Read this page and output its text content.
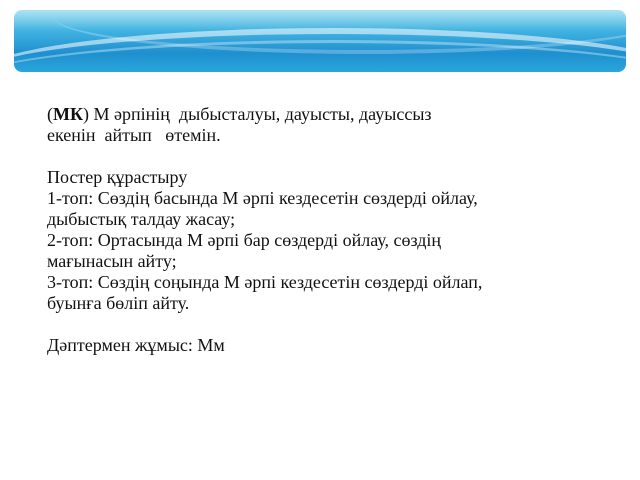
(МК) М әрпінің  дыбысталуы, дауысты, дауыссыз
екенін  айтып   өтемін.
Постер құрастыру
1-топ: Сөздің басында М әрпі кездесетін сөздерді ойлау,
дыбыстық талдау жасау;
2-топ: Ортасында М әрпі бар сөздерді ойлау, сөздің
мағынасын айту;
3-топ: Сөздің соңында М әрпі кездесетін сөздерді ойлап,
буынға бөліп айту.
Дәптермен жұмыс: Мм
